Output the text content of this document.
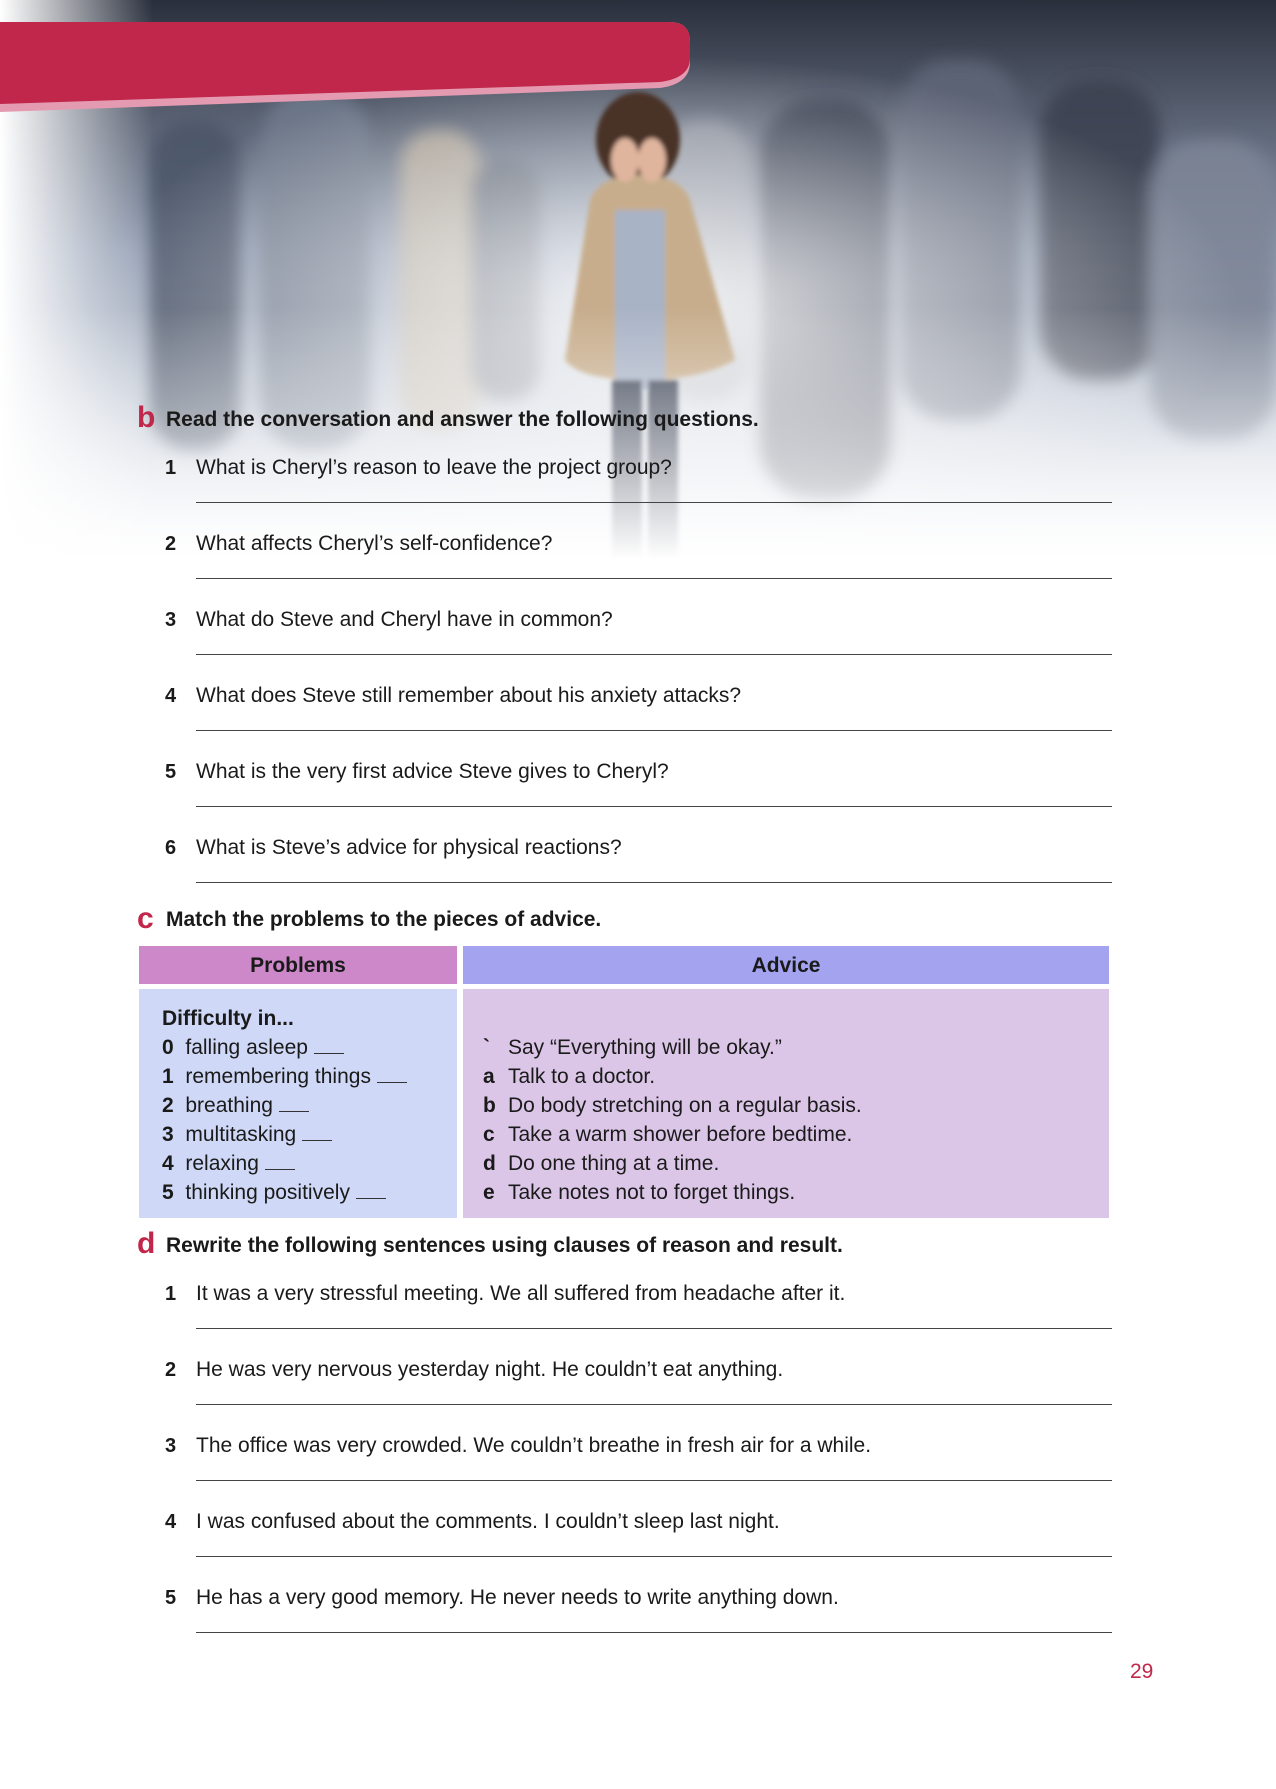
b Read the conversation and answer the following questions.
1 What is Cheryl’s reason to leave the project group?
2 What affects Cheryl’s self-confidence?
3 What do Steve and Cheryl have in common?
4 What does Steve still remember about his anxiety attacks?
5 What is the very first advice Steve gives to Cheryl?
6 What is Steve’s advice for physical reactions?
c Match the problems to the pieces of advice.
Problems	Advice
Difficulty in...
0 falling asleep
1 remembering things
2 breathing
3 multitasking
4 relaxing
5 thinking positively
` Say “Everything will be okay.”
a Talk to a doctor.
b Do body stretching on a regular basis.
c Take a warm shower before bedtime.
d Do one thing at a time.
e Take notes not to forget things.
d Rewrite the following sentences using clauses of reason and result.
1 It was a very stressful meeting. We all suffered from headache after it.
2 He was very nervous yesterday night. He couldn’t eat anything.
3 The office was very crowded. We couldn’t breathe in fresh air for a while.
4 I was confused about the comments. I couldn’t sleep last night.
5 He has a very good memory. He never needs to write anything down.
29
